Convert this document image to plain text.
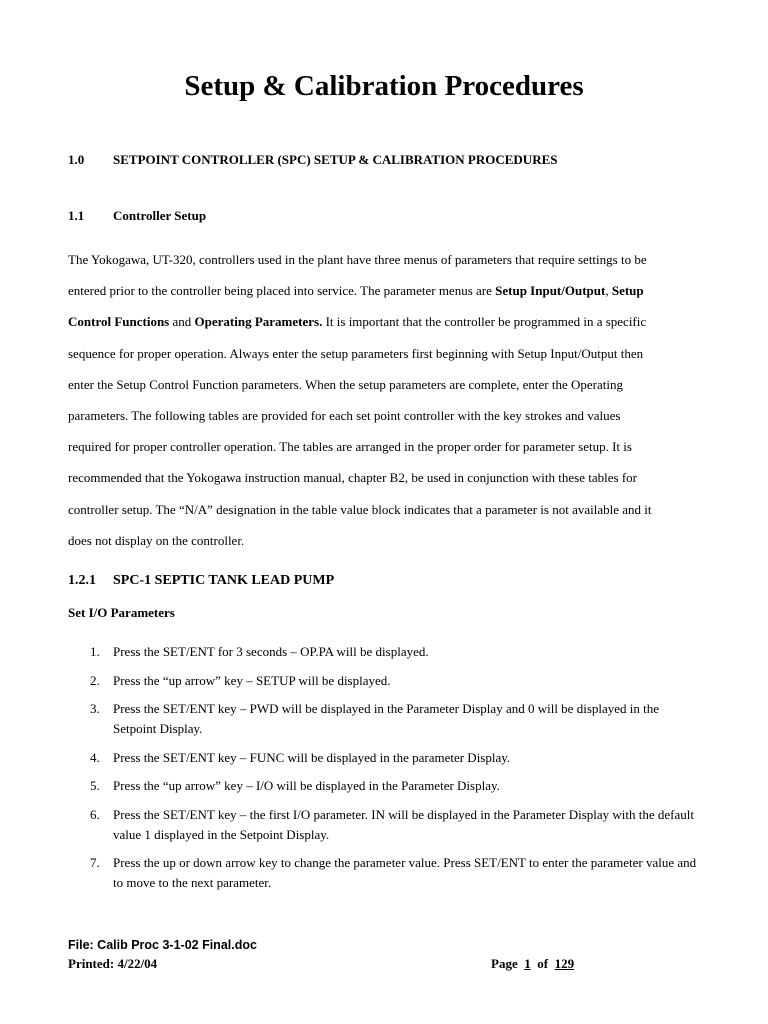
Setup & Calibration Procedures
1.0 SETPOINT CONTROLLER (SPC) SETUP & CALIBRATION PROCEDURES
1.1 Controller Setup

The Yokogawa, UT-320, controllers used in the plant have three menus of parameters that require settings to be
entered prior to the controller being placed into service. The parameter menus are Setup Input/Output, Setup
Control Functions and Operating Parameters. It is important that the controller be programmed in a specific
sequence for proper operation. Always enter the setup parameters first beginning with Setup Input/Output then
enter the Setup Control Function parameters. When the setup parameters are complete, enter the Operating
parameters. The following tables are provided for each set point controller with the key strokes and values
required for proper controller operation. The tables are arranged in the proper order for parameter setup. It is
recommended that the Yokogawa instruction manual, chapter B2, be used in conjunction with these tables for
controller setup. The “N/A” designation in the table value block indicates that a parameter is not available and it
does not display on the controller.

1.2.1 SPC-1 SEPTIC TANK LEAD PUMP
Set I/O Parameters
1. Press the SET/ENT for 3 seconds – OP.PA will be displayed.
2. Press the “up arrow” key – SETUP will be displayed.
3. Press the SET/ENT key – PWD will be displayed in the Parameter Display and 0 will be displayed in the Setpoint Display.
4. Press the SET/ENT key – FUNC will be displayed in the parameter Display.
5. Press the “up arrow” key – I/O will be displayed in the Parameter Display.
6. Press the SET/ENT key – the first I/O parameter. IN will be displayed in the Parameter Display with the default value 1 displayed in the Setpoint Display.
7. Press the up or down arrow key to change the parameter value. Press SET/ENT to enter the parameter value and to move to the next parameter.
File: Calib Proc 3-1-02 Final.doc
Printed: 4/22/04	Page 1 of 129
